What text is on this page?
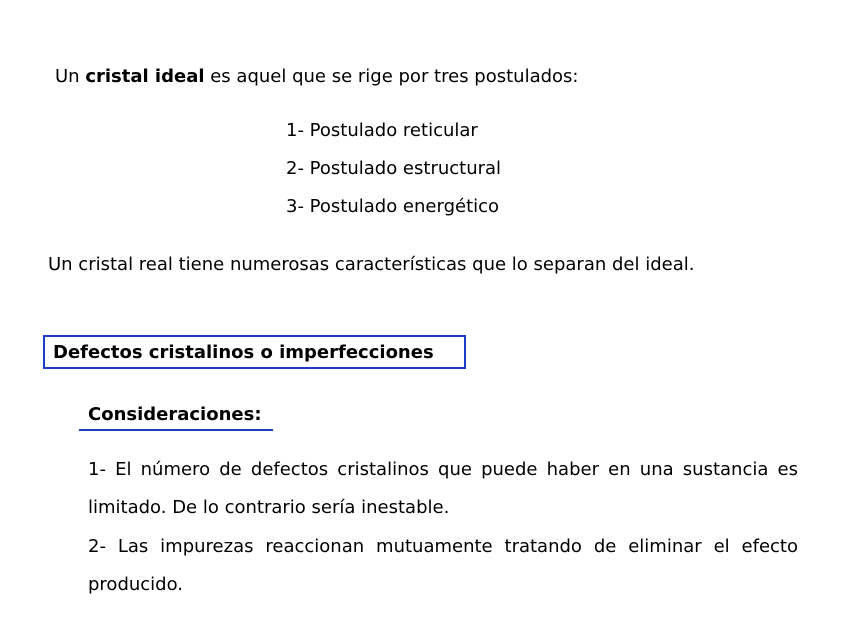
Un cristal ideal es aquel que se rige por tres postulados:
1- Postulado reticular
2- Postulado estructural
3- Postulado energético
Un cristal real tiene numerosas características que lo separan del ideal.
Defectos cristalinos o imperfecciones
Consideraciones:
1- El número de defectos cristalinos que puede haber en una sustancia es limitado. De lo contrario sería inestable.
2- Las impurezas reaccionan mutuamente tratando de eliminar el efecto producido.
